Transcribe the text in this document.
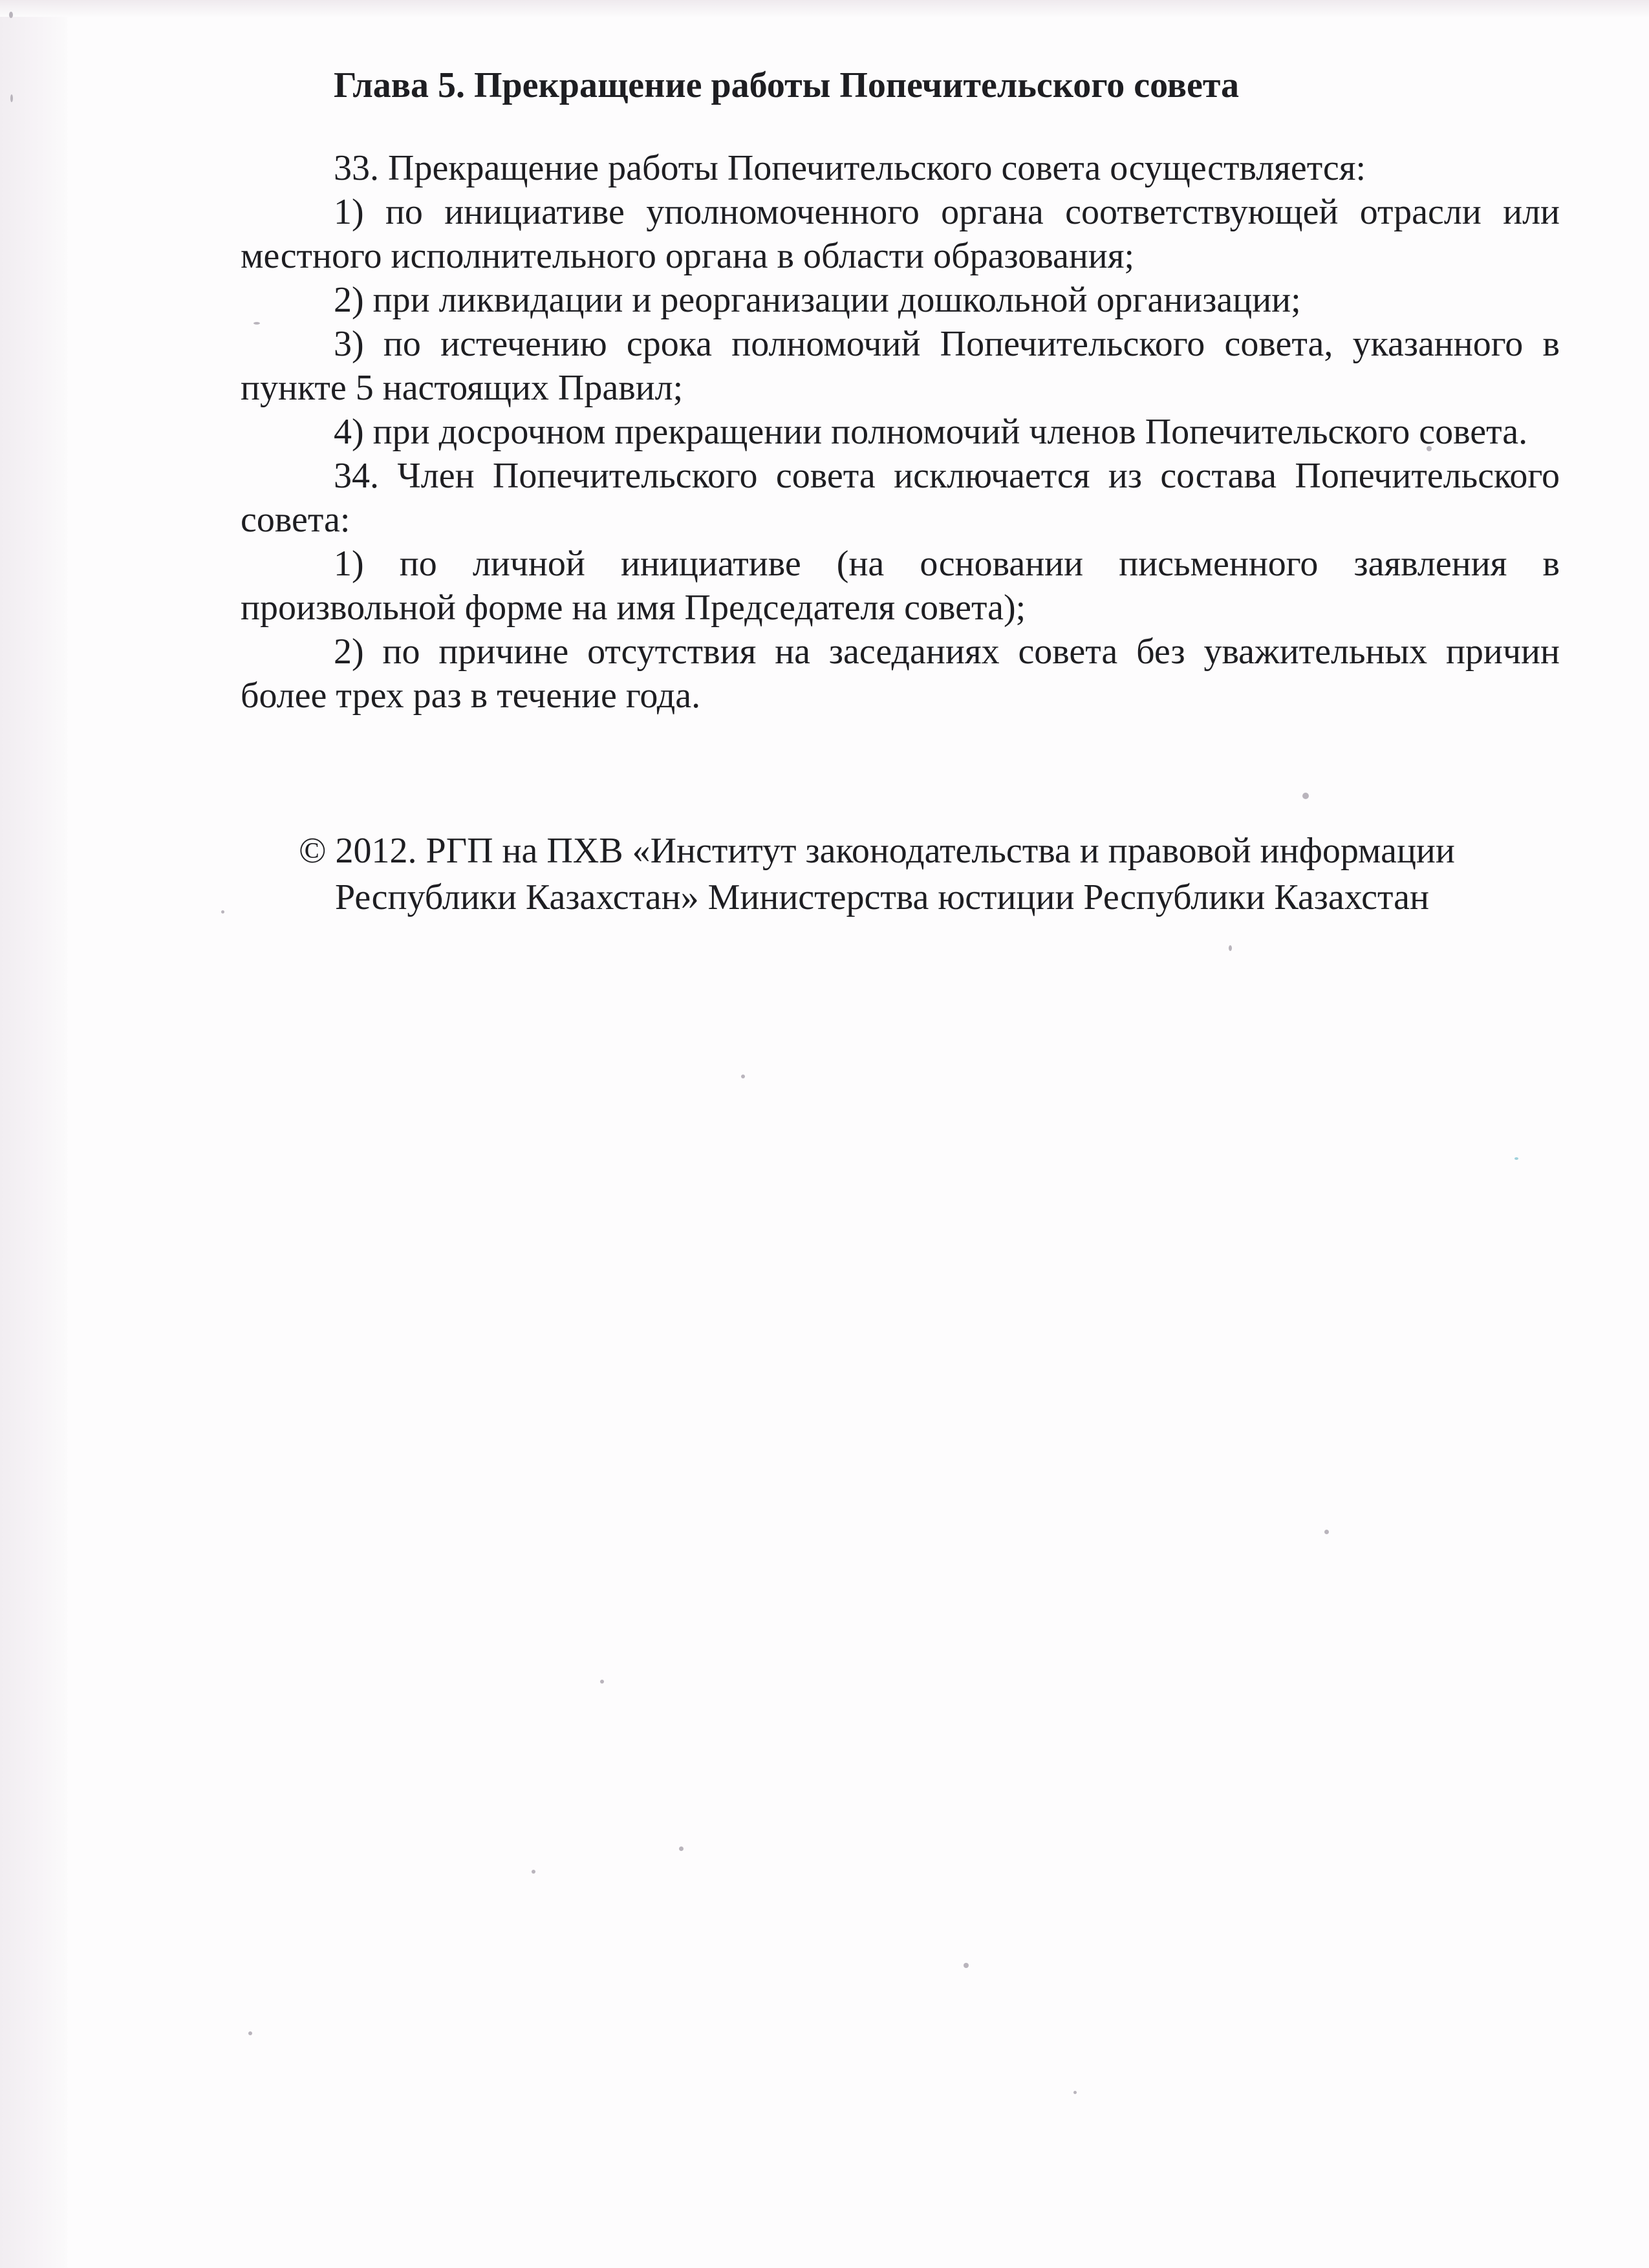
Глава 5. Прекращение работы Попечительского совета

33. Прекращение работы Попечительского совета осуществляется:

1) по инициативе уполномоченного органа соответствующей отрасли или местного исполнительного органа в области образования;

2) при ликвидации и реорганизации дошкольной организации;

3) по истечению срока полномочий Попечительского совета, указанного в пункте 5 настоящих Правил;

4) при досрочном прекращении полномочий членов Попечительского совета.

34. Член Попечительского совета исключается из состава Попечительского совета:

1) по личной инициативе (на основании письменного заявления в произвольной форме на имя Председателя совета);

2) по причине отсутствия на заседаниях совета без уважительных причин более трех раз в течение года.

© 2012. РГП на ПХВ «Институт законодательства и правовой информации
Республики Казахстан» Министерства юстиции Республики Казахстан
